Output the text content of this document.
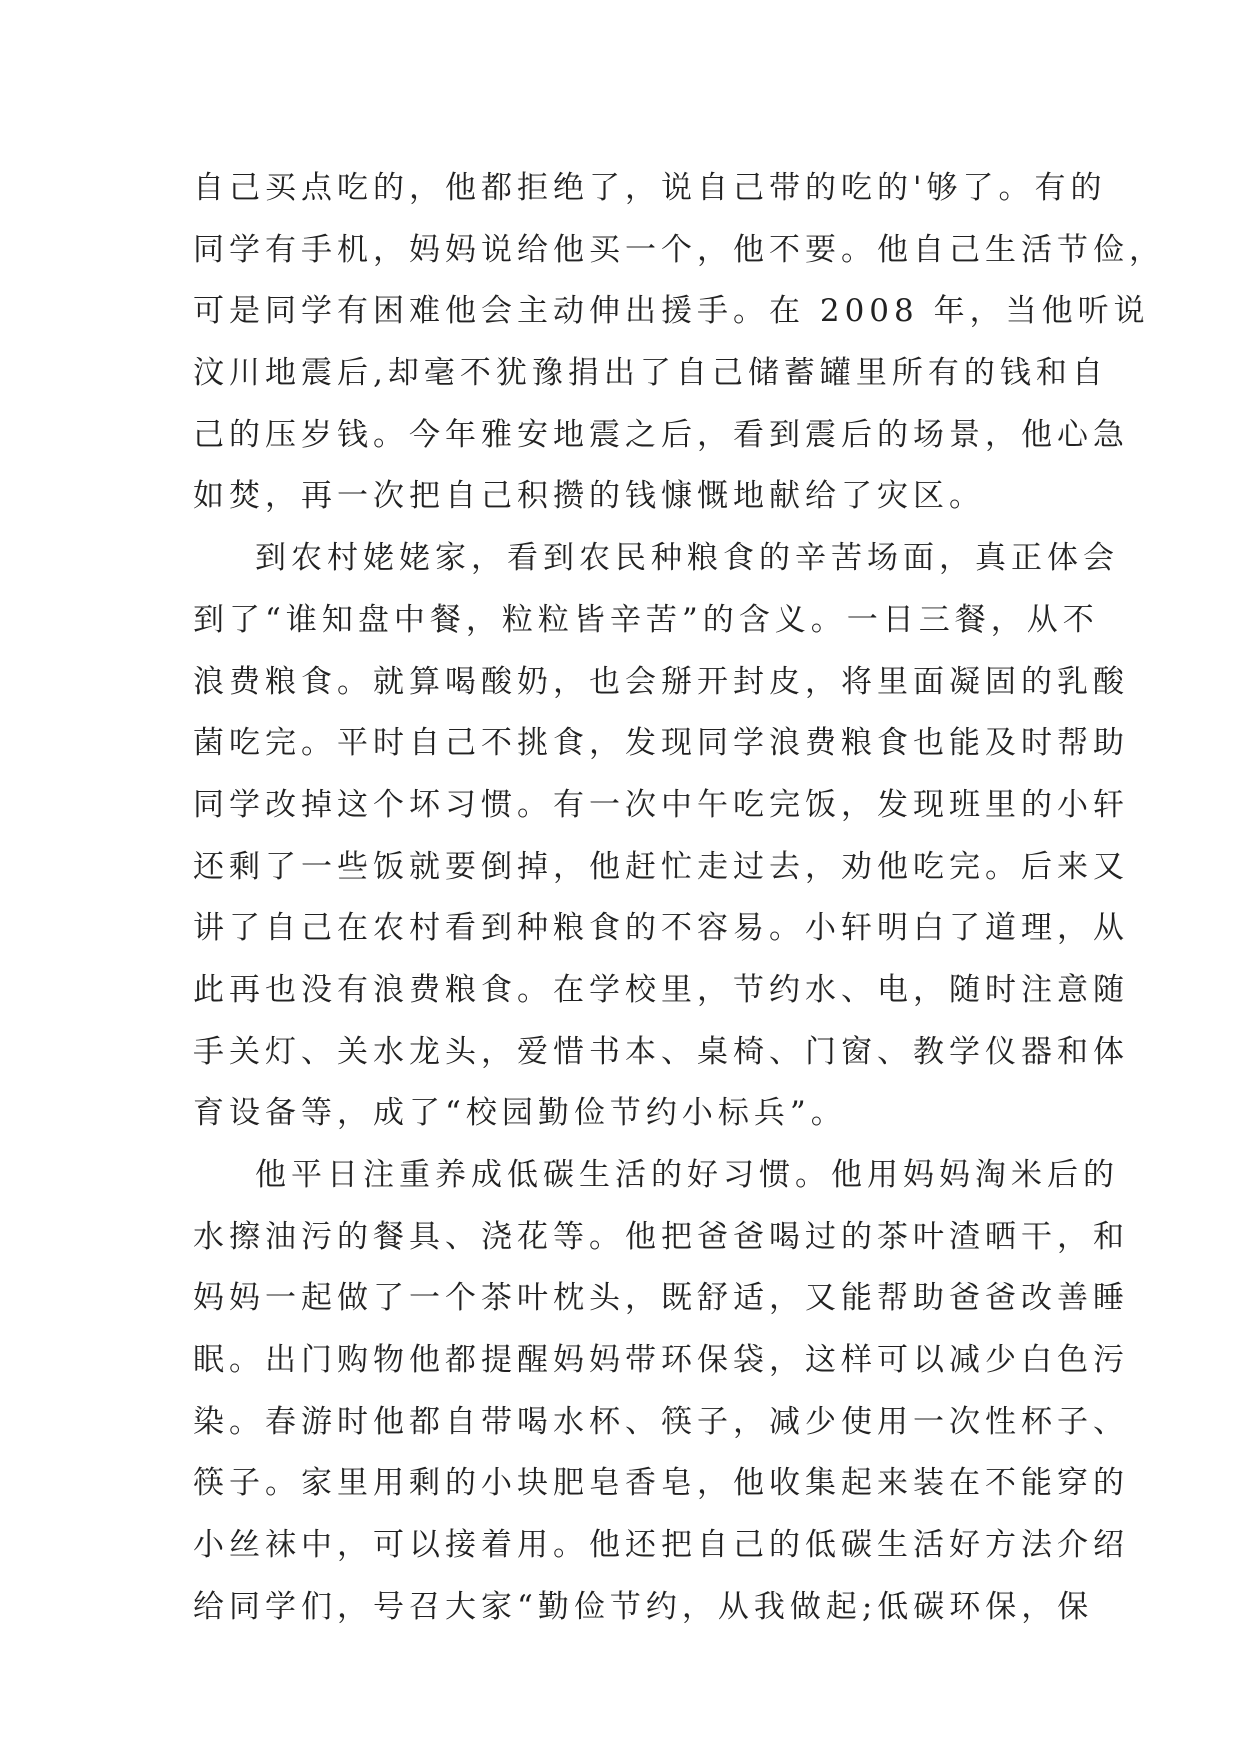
自己买点吃的，他都拒绝了，说自己带的吃的'够了。有的
同学有手机，妈妈说给他买一个，他不要。他自己生活节俭，
可是同学有困难他会主动伸出援手。在 2008 年，当他听说
汶川地震后,却毫不犹豫捐出了自己储蓄罐里所有的钱和自
己的压岁钱。今年雅安地震之后，看到震后的场景，他心急
如焚，再一次把自己积攒的钱慷慨地献给了灾区。
到农村姥姥家，看到农民种粮食的辛苦场面，真正体会
到了“谁知盘中餐，粒粒皆辛苦”的含义。一日三餐，从不
浪费粮食。就算喝酸奶，也会掰开封皮，将里面凝固的乳酸
菌吃完。平时自己不挑食，发现同学浪费粮食也能及时帮助
同学改掉这个坏习惯。有一次中午吃完饭，发现班里的小轩
还剩了一些饭就要倒掉，他赶忙走过去，劝他吃完。后来又
讲了自己在农村看到种粮食的不容易。小轩明白了道理，从
此再也没有浪费粮食。在学校里，节约水、电，随时注意随
手关灯、关水龙头，爱惜书本、桌椅、门窗、教学仪器和体
育设备等，成了“校园勤俭节约小标兵”。
他平日注重养成低碳生活的好习惯。他用妈妈淘米后的
水擦油污的餐具、浇花等。他把爸爸喝过的茶叶渣晒干，和
妈妈一起做了一个茶叶枕头，既舒适，又能帮助爸爸改善睡
眠。出门购物他都提醒妈妈带环保袋，这样可以减少白色污
染。春游时他都自带喝水杯、筷子，减少使用一次性杯子、
筷子。家里用剩的小块肥皂香皂，他收集起来装在不能穿的
小丝袜中，可以接着用。他还把自己的低碳生活好方法介绍
给同学们，号召大家“勤俭节约，从我做起;低碳环保，保
